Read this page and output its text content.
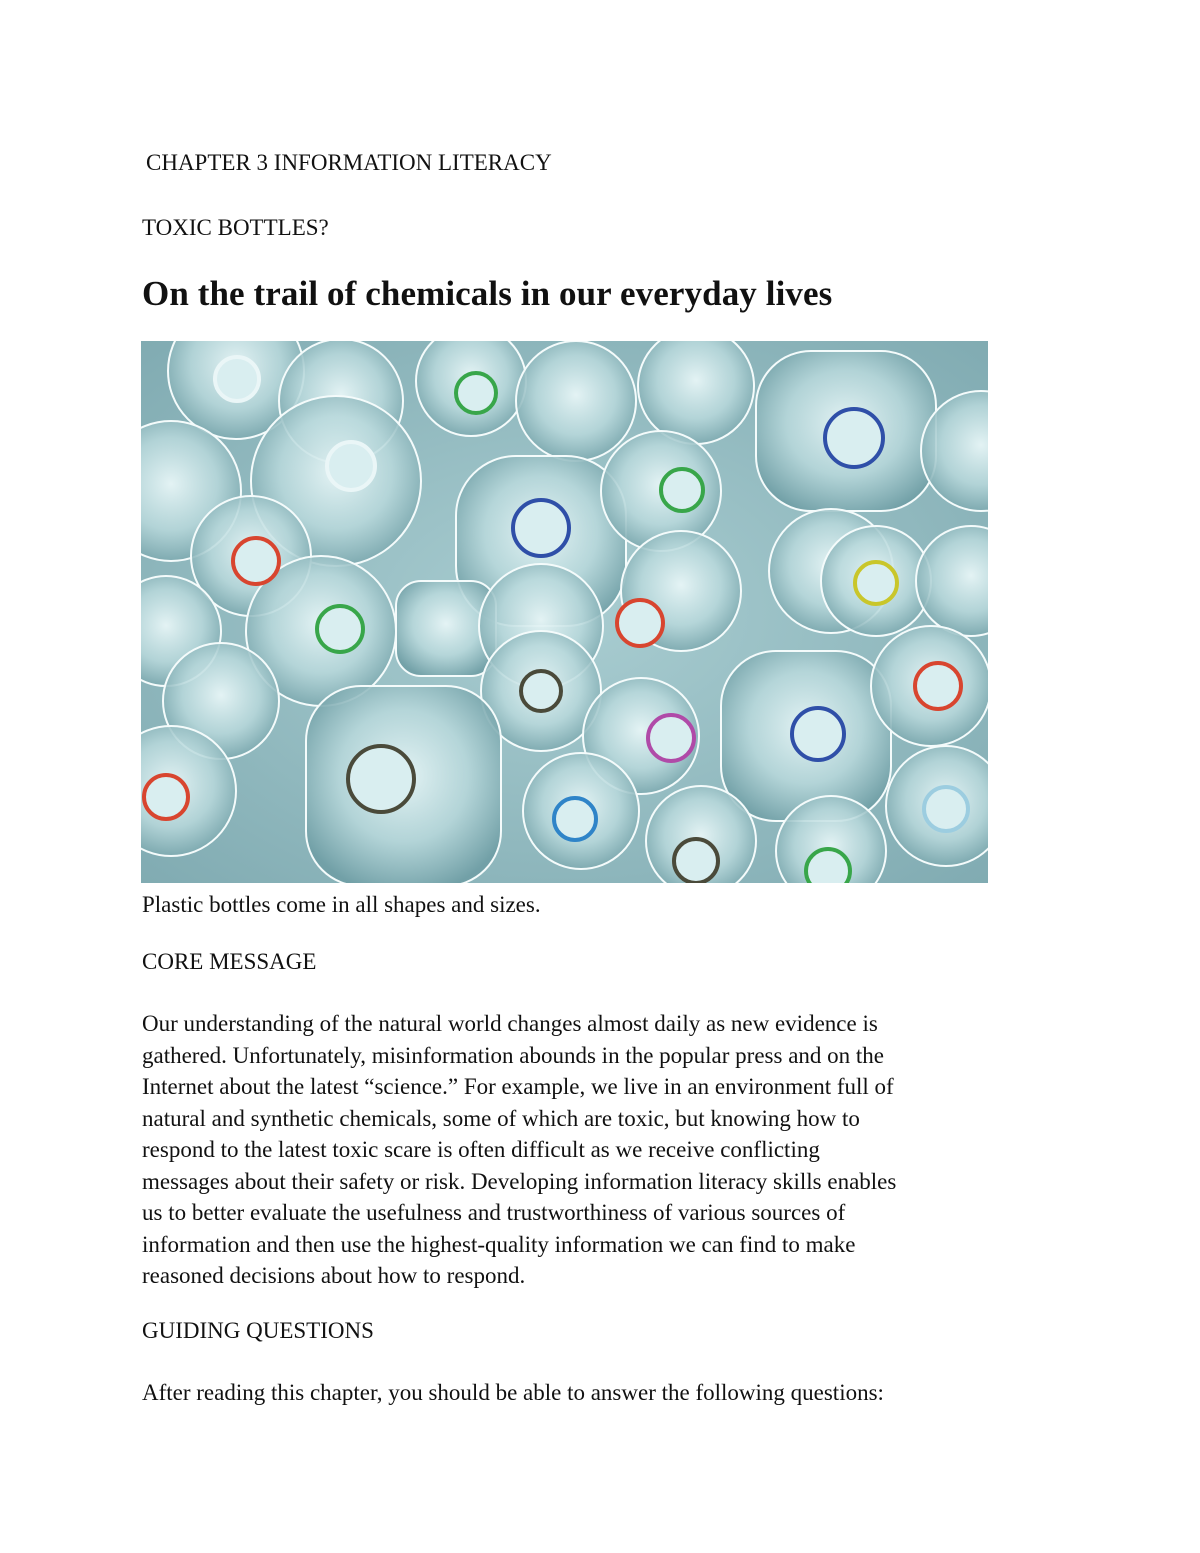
CHAPTER 3 INFORMATION LITERACY
TOXIC BOTTLES?
On the trail of chemicals in our everyday lives
Plastic bottles come in all shapes and sizes.
CORE MESSAGE
Our understanding of the natural world changes almost daily as new evidence is
gathered. Unfortunately, misinformation abounds in the popular press and on the
Internet about the latest “science.” For example, we live in an environment full of
natural and synthetic chemicals, some of which are toxic, but knowing how to
respond to the latest toxic scare is often difficult as we receive conflicting
messages about their safety or risk. Developing information literacy skills enables
us to better evaluate the usefulness and trustworthiness of various sources of
information and then use the highest-quality information we can find to make
reasoned decisions about how to respond.
GUIDING QUESTIONS
After reading this chapter, you should be able to answer the following questions:
